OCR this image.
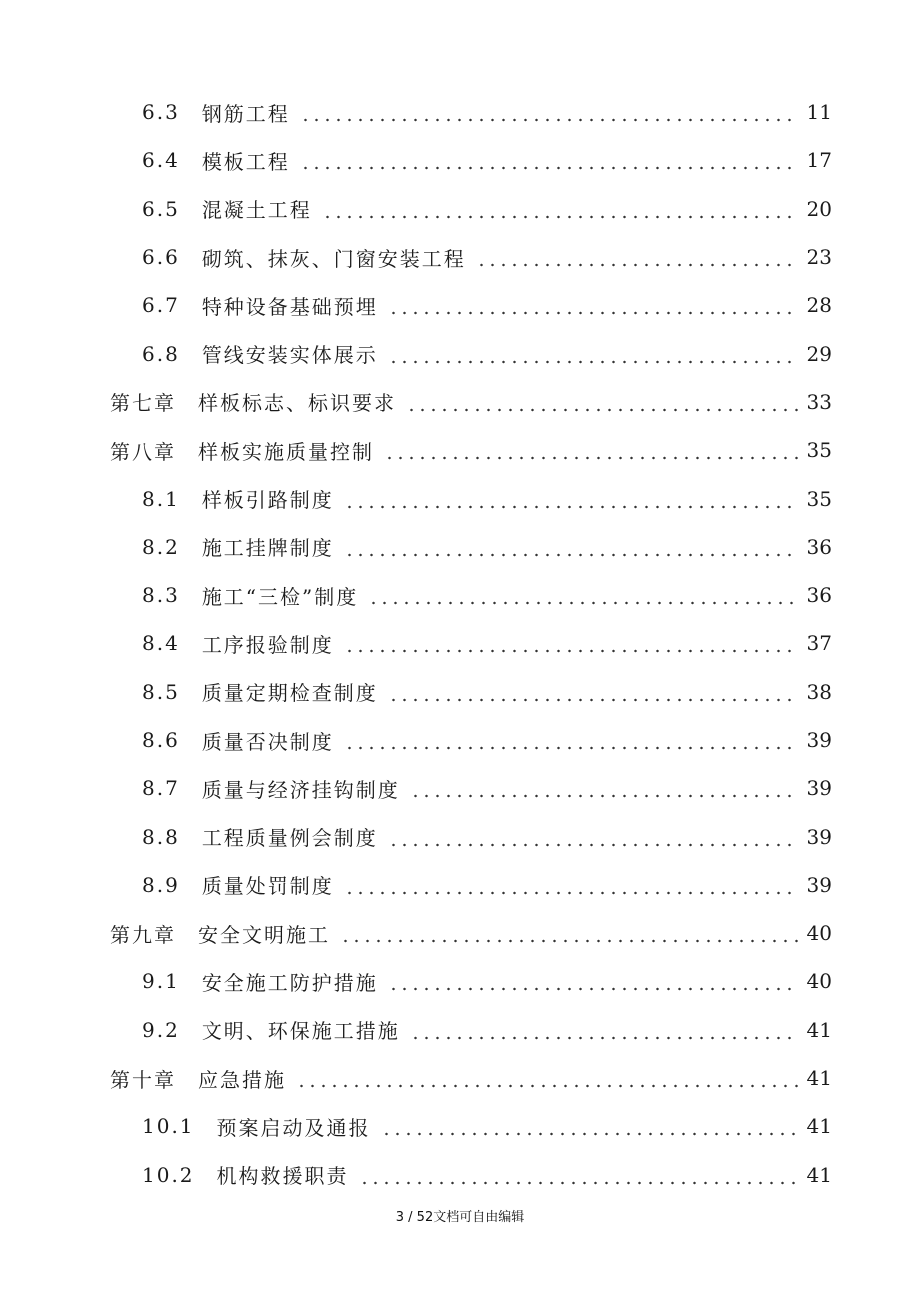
6.3 钢筋工程	11
6.4 模板工程	17
6.5 混凝土工程	20
6.6 砌筑、抹灰、门窗安装工程	23
6.7 特种设备基础预埋	28
6.8 管线安装实体展示	29
第七章 样板标志、标识要求	33
第八章 样板实施质量控制	35
8.1 样板引路制度	35
8.2 施工挂牌制度	36
8.3 施工“三检”制度	36
8.4 工序报验制度	37
8.5 质量定期检查制度	38
8.6 质量否决制度	39
8.7 质量与经济挂钩制度	39
8.8 工程质量例会制度	39
8.9 质量处罚制度	39
第九章 安全文明施工	40
9.1 安全施工防护措施	40
9.2 文明、环保施工措施	41
第十章 应急措施	41
10.1 预案启动及通报	41
10.2 机构救援职责	41
3 / 52文档可自由编辑
